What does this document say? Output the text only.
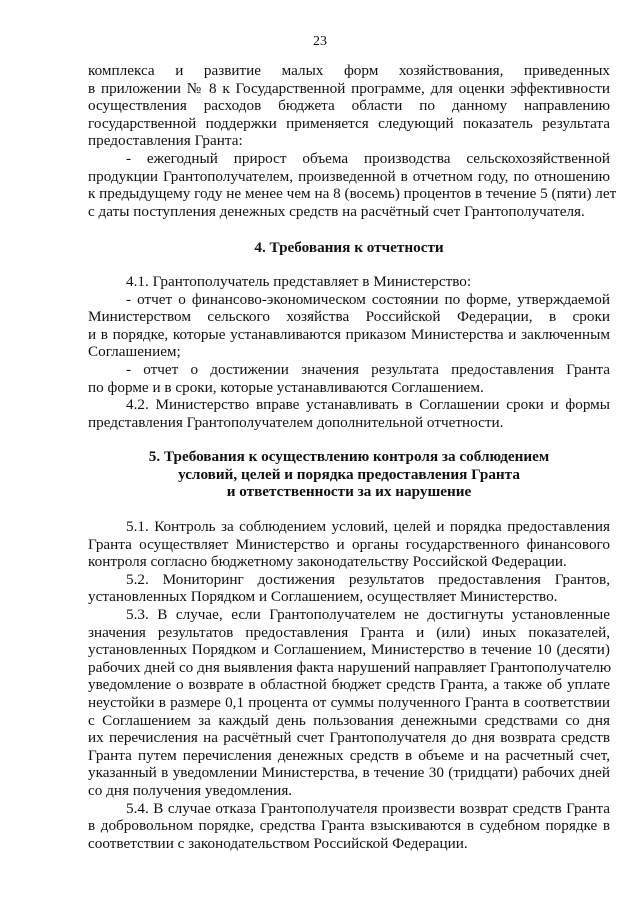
23
комплекса и развитие малых форм хозяйствования, приведенных
в приложении № 8 к Государственной программе, для оценки эффективности
осуществления расходов бюджета области по данному направлению
государственной поддержки применяется следующий показатель результата
предоставления Гранта:
- ежегодный прирост объема производства сельскохозяйственной
продукции Грантополучателем, произведенной в отчетном году, по отношению
к предыдущему году не менее чем на 8 (восемь) процентов в течение 5 (пяти) лет
с даты поступления денежных средств на расчётный счет Грантополучателя.
4. Требования к отчетности
4.1. Грантополучатель представляет в Министерство:
- отчет о финансово-экономическом состоянии по форме, утверждаемой
Министерством сельского хозяйства Российской Федерации, в сроки
и в порядке, которые устанавливаются приказом Министерства и заключенным
Соглашением;
- отчет о достижении значения результата предоставления Гранта
по форме и в сроки, которые устанавливаются Соглашением.
4.2. Министерство вправе устанавливать в Соглашении сроки и формы
представления Грантополучателем дополнительной отчетности.
5. Требования к осуществлению контроля за соблюдением
условий, целей и порядка предоставления Гранта
и ответственности за их нарушение
5.1. Контроль за соблюдением условий, целей и порядка предоставления
Гранта осуществляет Министерство и органы государственного финансового
контроля согласно бюджетному законодательству Российской Федерации.
5.2. Мониторинг достижения результатов предоставления Грантов,
установленных Порядком и Соглашением, осуществляет Министерство.
5.3. В случае, если Грантополучателем не достигнуты установленные
значения результатов предоставления Гранта и (или) иных показателей,
установленных Порядком и Соглашением, Министерство в течение 10 (десяти)
рабочих дней со дня выявления факта нарушений направляет Грантополучателю
уведомление о возврате в областной бюджет средств Гранта, а также об уплате
неустойки в размере 0,1 процента от суммы полученного Гранта в соответствии
с Соглашением за каждый день пользования денежными средствами со дня
их перечисления на расчётный счет Грантополучателя до дня возврата средств
Гранта путем перечисления денежных средств в объеме и на расчетный счет,
указанный в уведомлении Министерства, в течение 30 (тридцати) рабочих дней
со дня получения уведомления.
5.4. В случае отказа Грантополучателя произвести возврат средств Гранта
в добровольном порядке, средства Гранта взыскиваются в судебном порядке в
соответствии с законодательством Российской Федерации.
